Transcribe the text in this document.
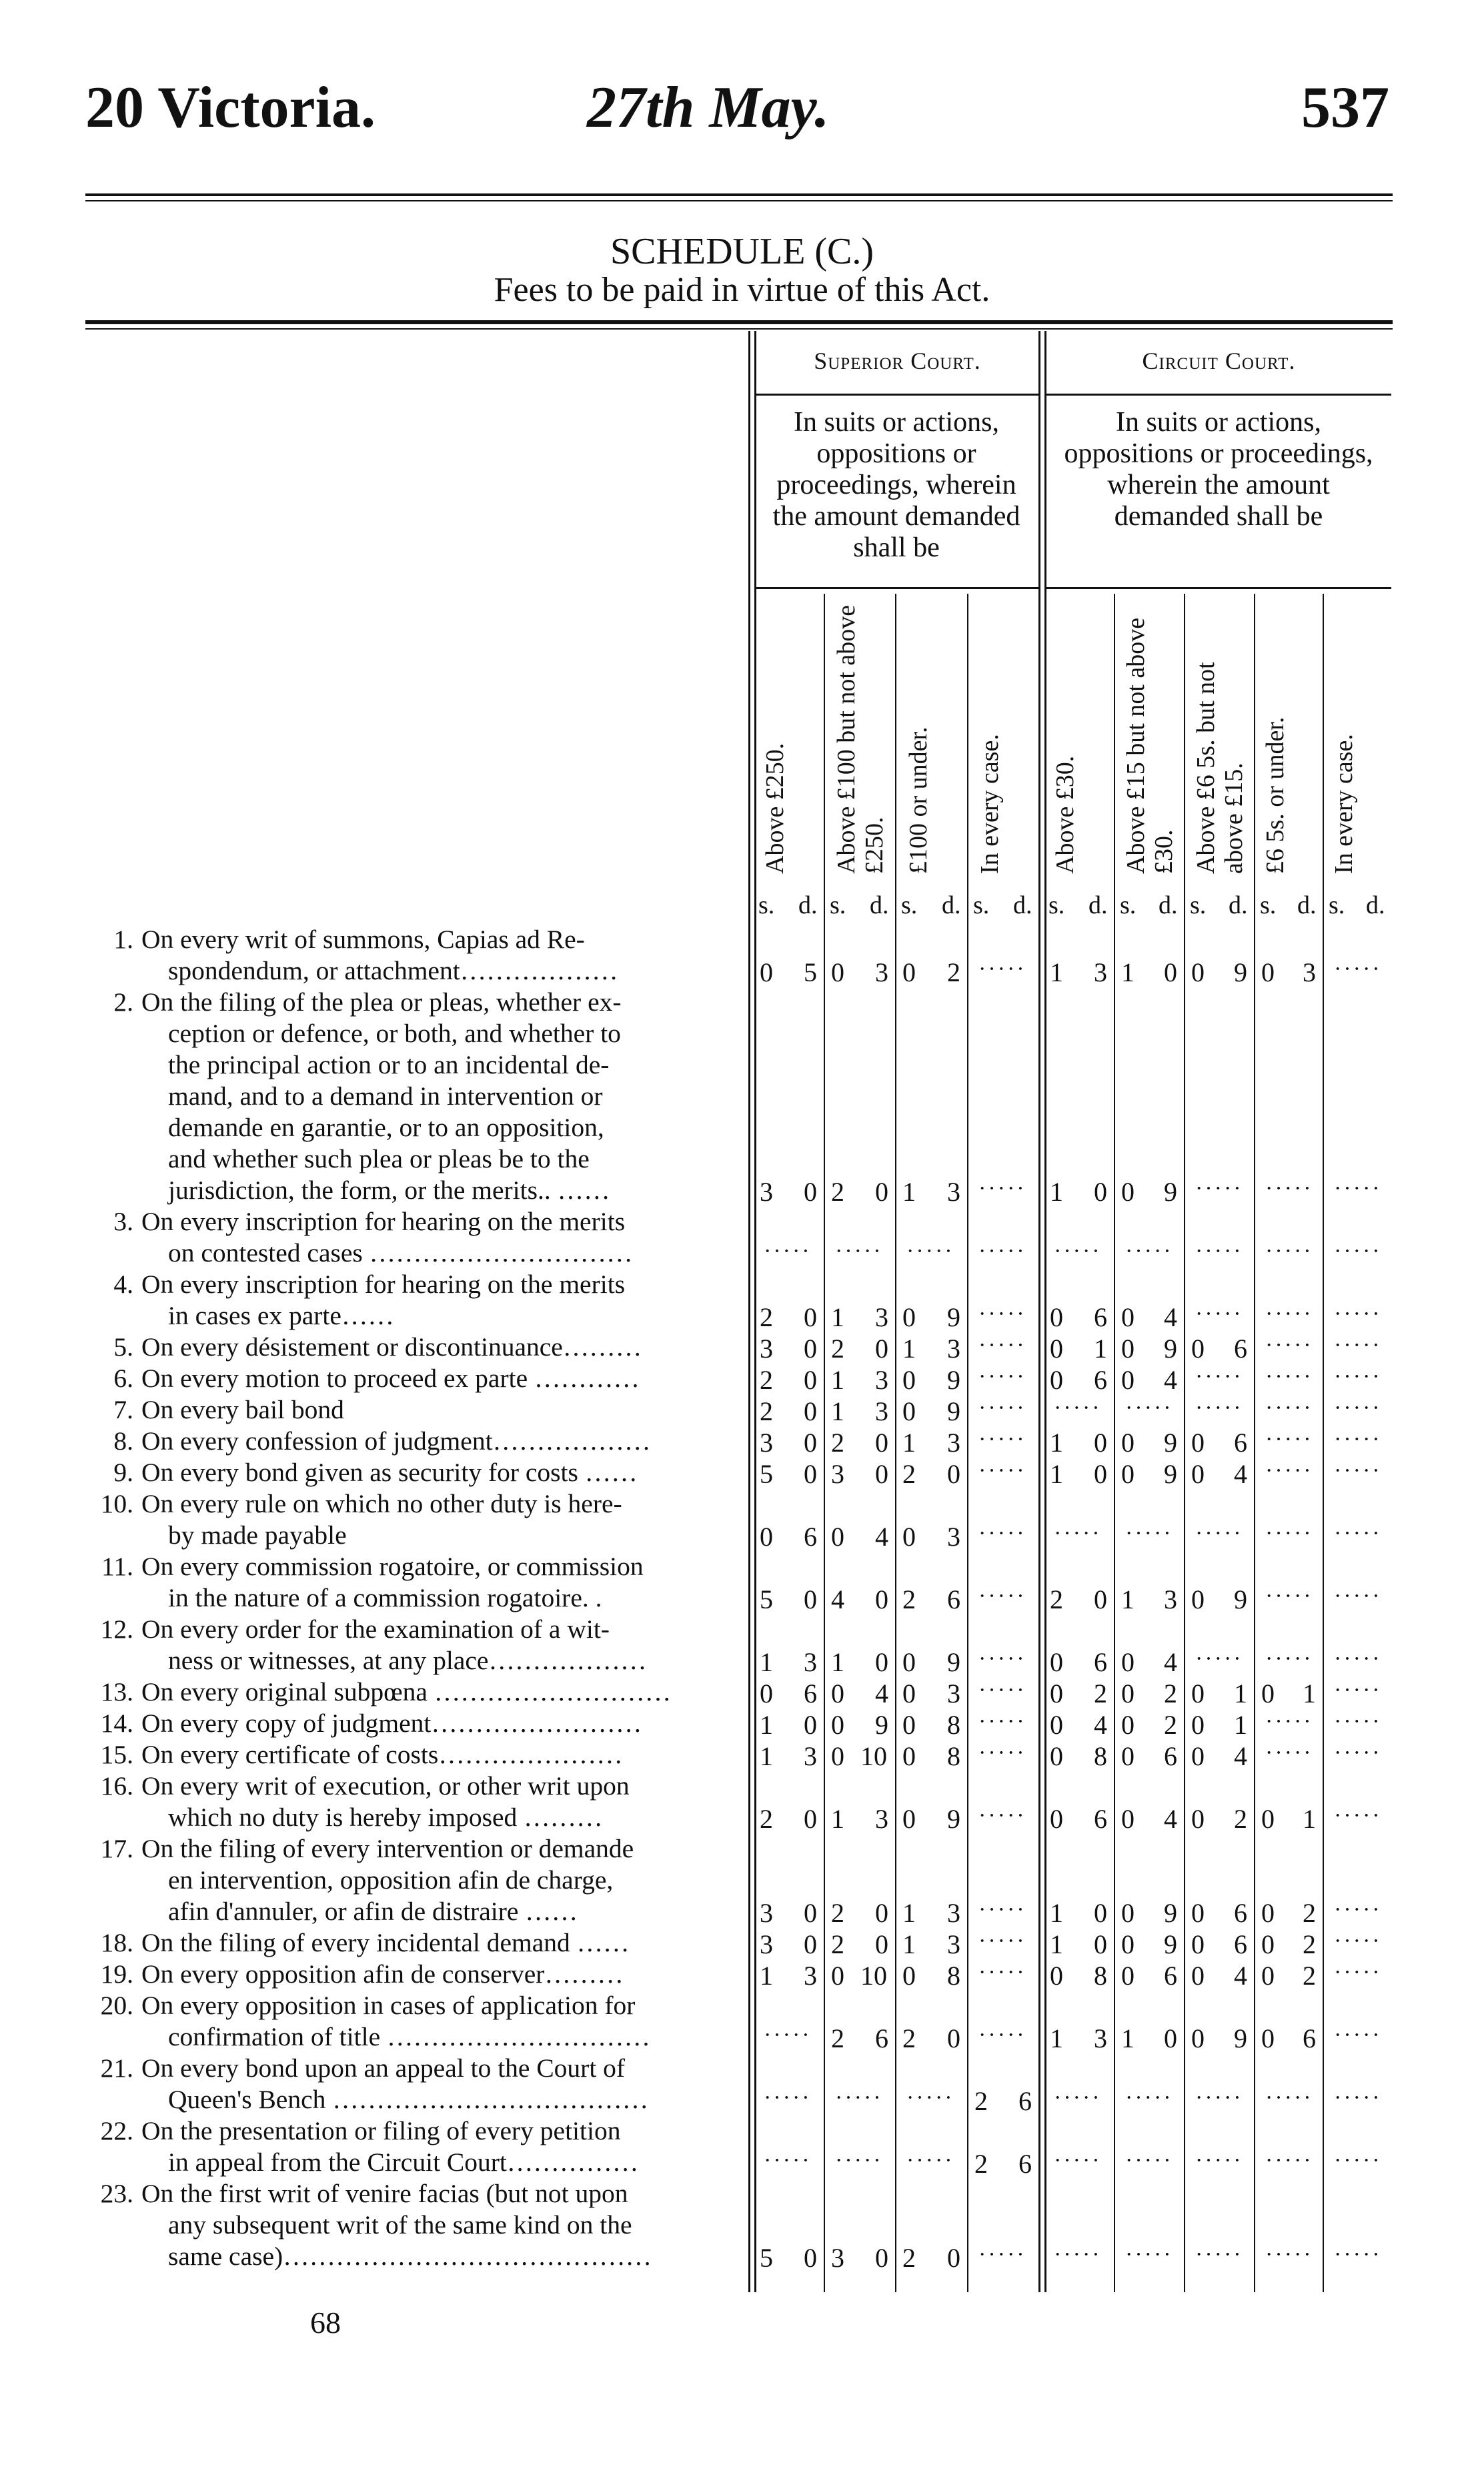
20 Victoria.	27th May.	537
SCHEDULE (C.)
Fees to be paid in virtue of this Act.
Superior Court.	Circuit Court.
In suits or actions, oppositions or proceedings, wherein the amount demanded shall be
In suits or actions, oppositions or proceedings, wherein the amount demanded shall be
Above £250. Above £100 but not above £250. £100 or under. In every case. Above £30. Above £15 but not above £30. Above £6 5s. but not above £15. £6 5s. or under. In every case.
s. d. s. d. s. d. s. d. s. d. s. d. s. d. s. d. s. d.
1. On every writ of summons, Capias ad Re-
spondendum, or attachment………………	0 5 0 3 0 2 ····· 1 3 1 0 0 9 0 3 ·····
2. On the filing of the plea or pleas, whether ex-
ception or defence, or both, and whether to
the principal action or to an incidental de-
mand, and to a demand in intervention or
demande en garantie, or to an opposition,
and whether such plea or pleas be to the
jurisdiction, the form, or the merits.. ……	3 0 2 0 1 3 ····· 1 0 0 9 ····· ····· ·····
3. On every inscription for hearing on the merits
on contested cases …………………………	····· ····· ····· ····· ····· ····· ····· ····· ·····
4. On every inscription for hearing on the merits
in cases ex parte……	2 0 1 3 0 9 ····· 0 6 0 4 ····· ····· ·····
5. On every désistement or discontinuance………	3 0 2 0 1 3 ····· 0 1 0 9 0 6 ····· ·····
6. On every motion to proceed ex parte …………	2 0 1 3 0 9 ····· 0 6 0 4 ····· ····· ·····
7. On every bail bond	2 0 1 3 0 9 ····· ····· ····· ····· ····· ·····
8. On every confession of judgment………………	3 0 2 0 1 3 ····· 1 0 0 9 0 6 ····· ·····
9. On every bond given as security for costs ……	5 0 3 0 2 0 ····· 1 0 0 9 0 4 ····· ·····
10. On every rule on which no other duty is here-
by made payable	0 6 0 4 0 3 ····· ····· ····· ····· ····· ·····
11. On every commission rogatoire, or commission
in the nature of a commission rogatoire. .	5 0 4 0 2 6 ····· 2 0 1 3 0 9 ····· ·····
12. On every order for the examination of a wit-
ness or witnesses, at any place………………	1 3 1 0 0 9 ····· 0 6 0 4 ····· ····· ·····
13. On every original subpœna ………………………	0 6 0 4 0 3 ····· 0 2 0 2 0 1 0 1 ·····
14. On every copy of judgment……………………	1 0 0 9 0 8 ····· 0 4 0 2 0 1 ····· ·····
15. On every certificate of costs…………………	1 3 0 10 0 8 ····· 0 8 0 6 0 4 ····· ·····
16. On every writ of execution, or other writ upon
which no duty is hereby imposed ………	2 0 1 3 0 9 ····· 0 6 0 4 0 2 0 1 ·····
17. On the filing of every intervention or demande
en intervention, opposition afin de charge,
afin d'annuler, or afin de distraire ……	3 0 2 0 1 3 ····· 1 0 0 9 0 6 0 2 ·····
18. On the filing of every incidental demand ……	3 0 2 0 1 3 ····· 1 0 0 9 0 6 0 2 ·····
19. On every opposition afin de conserver………	1 3 0 10 0 8 ····· 0 8 0 6 0 4 0 2 ·····
20. On every opposition in cases of application for
confirmation of title …………………………	····· 2 6 2 0 ····· 1 3 1 0 0 9 0 6 ·····
21. On every bond upon an appeal to the Court of
Queen's Bench ………………………………	····· ····· ····· 2 6 ····· ····· ····· ····· ·····
22. On the presentation or filing of every petition
in appeal from the Circuit Court……………	····· ····· ····· 2 6 ····· ····· ····· ····· ·····
23. On the first writ of venire facias (but not upon
any subsequent writ of the same kind on the
same case)……………………………………	5 0 3 0 2 0 ····· ····· ····· ····· ····· ·····
68
